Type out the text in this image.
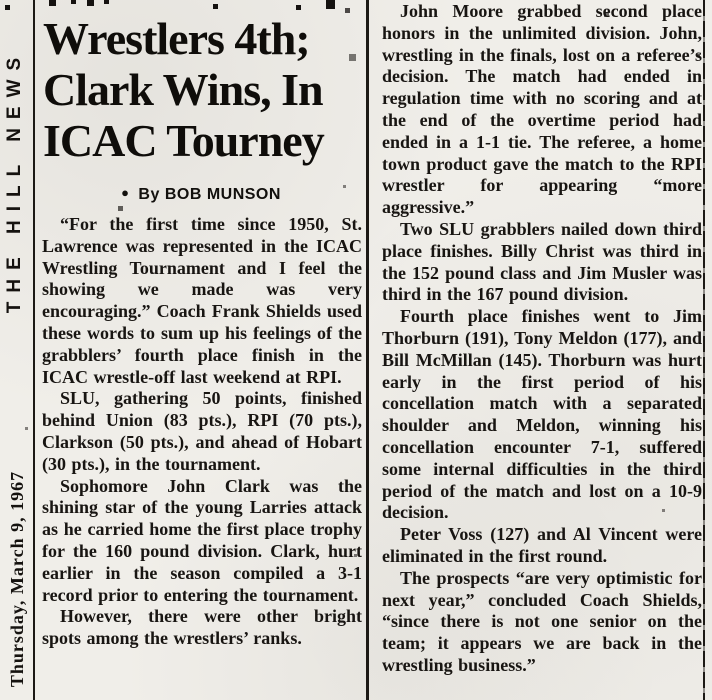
THE HILL NEWS
Thursday, March 9, 1967
Wrestlers 4th;
Clark Wins, In
ICAC Tourney
● By BOB MUNSON

“For the first time since 1950, St. Lawrence was represented in the ICAC Wrestling Tournament and I feel the showing we made was very encouraging.” Coach Frank Shields used these words to sum up his feelings of the grabblers’ fourth place finish in the ICAC wrestle-off last weekend at RPI.

SLU, gathering 50 points, finished behind Union (83 pts.), RPI (70 pts.), Clarkson (50 pts.), and ahead of Hobart (30 pts.), in the tournament.

Sophomore John Clark was the shining star of the young Larries attack as he carried home the first place trophy for the 160 pound division. Clark, hurt earlier in the season compiled a 3-1 record prior to entering the tournament.

However, there were other bright spots among the wrestlers’ ranks.

John Moore grabbed second place honors in the unlimited division. John, wrestling in the finals, lost on a referee’s decision. The match had ended in regulation time with no scoring and at the end of the overtime period had ended in a 1-1 tie. The referee, a home town product gave the match to the RPI wrestler for appearing “more aggressive.”

Two SLU grabblers nailed down third place finishes. Billy Christ was third in the 152 pound class and Jim Musler was third in the 167 pound division.

Fourth place finishes went to Jim Thorburn (191), Tony Meldon (177), and Bill McMillan (145). Thorburn was hurt early in the first period of his concellation match with a separated shoulder and Meldon, winning his concellation encounter 7-1, suffered some internal difficulties in the third period of the match and lost on a 10-9 decision.

Peter Voss (127) and Al Vincent were eliminated in the first round.

The prospects “are very optimistic for next year,” concluded Coach Shields, “since there is not one senior on the team; it appears we are back in the wrestling business.”
